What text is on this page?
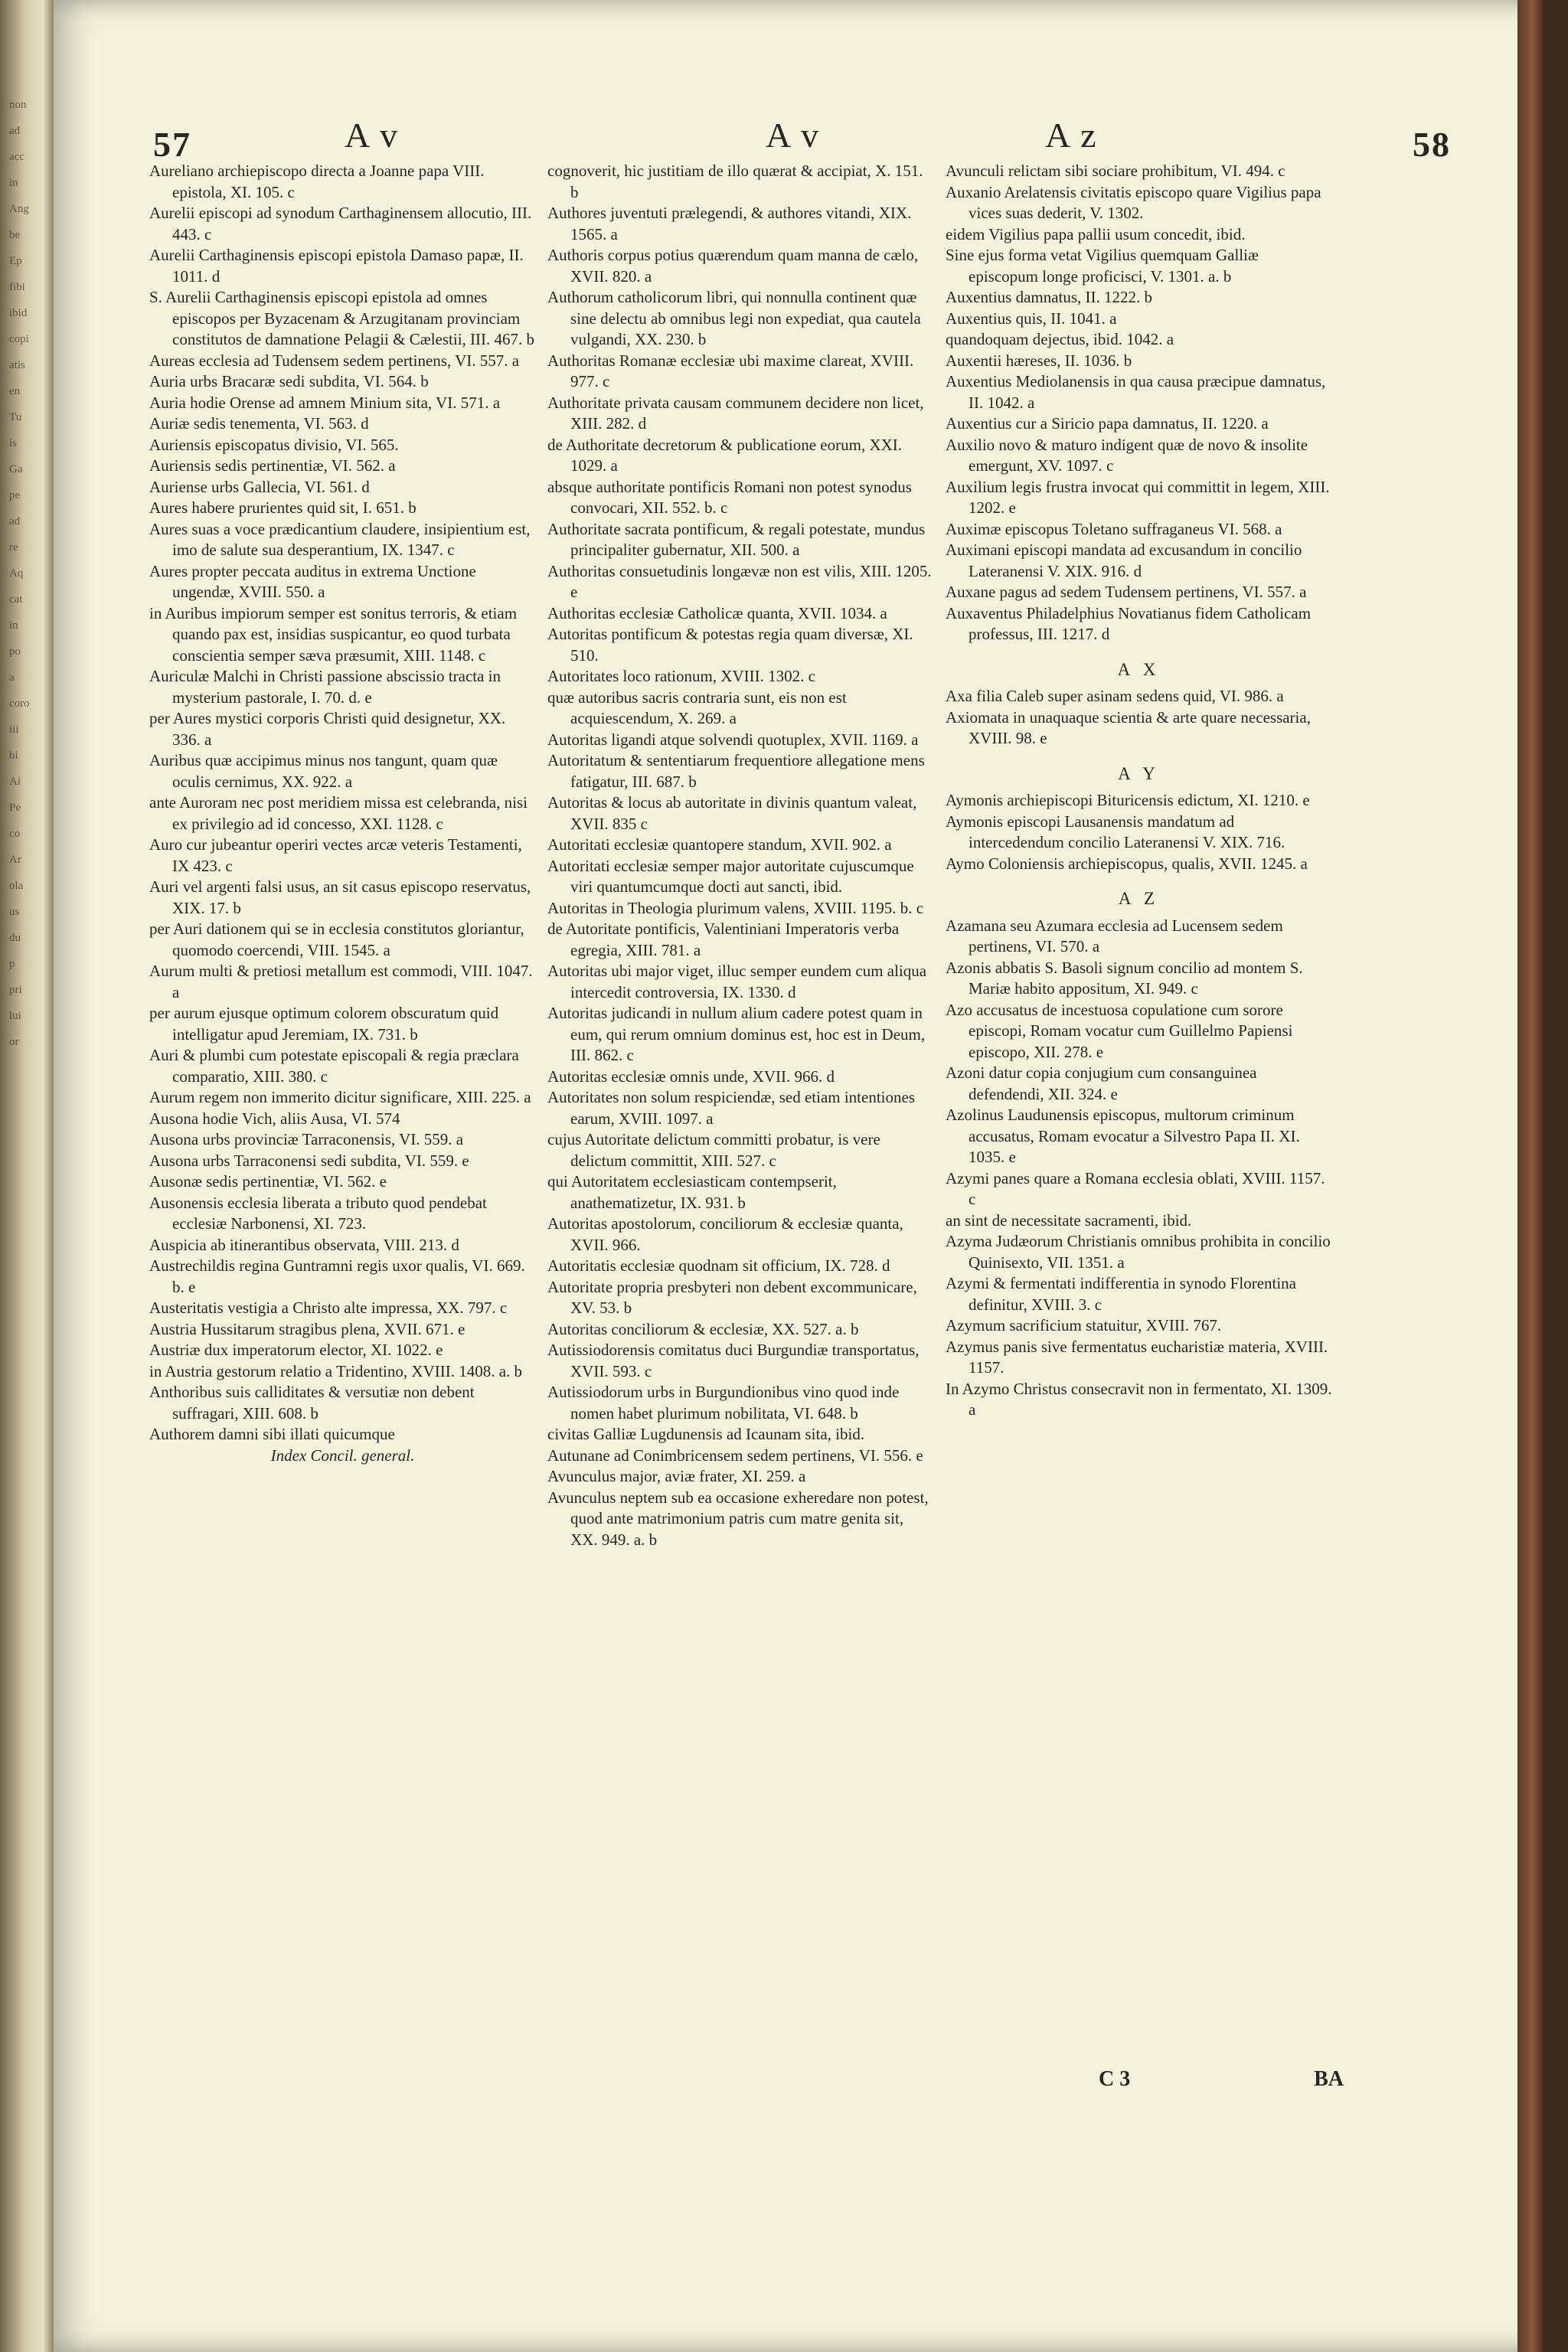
non
ad
acc
in
Ang
be
Ep
fibi
ibid
copi
atis
en
Tu
is
Ga
pe
ad
re
Aq
cat
in
po
a
coro
iii
bi
Ai
Pe
co
Ar
ola
us
du
p
pri
lui
or
57	A v	A v	A z	58

Aureliano archiepiscopo directa a Joanne papa VIII. epistola, XI. 105. c

Aurelii episcopi ad synodum Carthaginensem allocutio, III. 443. c

Aurelii Carthaginensis episcopi epistola Damaso papæ, II. 1011. d

S. Aurelii Carthaginensis episcopi epistola ad omnes episcopos per Byzacenam & Arzugitanam provinciam constitutos de damnatione Pelagii & Cælestii, III. 467. b

Aureas ecclesia ad Tudensem sedem pertinens, VI. 557. a

Auria urbs Bracaræ sedi subdita, VI. 564. b

Auria hodie Orense ad amnem Minium sita, VI. 571. a

Auriæ sedis tenementa, VI. 563. d

Auriensis episcopatus divisio, VI. 565.

Auriensis sedis pertinentiæ, VI. 562. a

Auriense urbs Gallecia, VI. 561. d

Aures habere prurientes quid sit, I. 651. b

Aures suas a voce prædicantium claudere, insipientium est, imo de salute sua desperantium, IX. 1347. c

Aures propter peccata auditus in extrema Unctione ungendæ, XVIII. 550. a

in Auribus impiorum semper est sonitus terroris, & etiam quando pax est, insidias suspicantur, eo quod turbata conscientia semper sæva præsumit, XIII. 1148. c

Auriculæ Malchi in Christi passione abscissio tracta in mysterium pastorale, I. 70. d. e

per Aures mystici corporis Christi quid designetur, XX. 336. a

Auribus quæ accipimus minus nos tangunt, quam quæ oculis cernimus, XX. 922. a

ante Auroram nec post meridiem missa est celebranda, nisi ex privilegio ad id concesso, XXI. 1128. c

Auro cur jubeantur operiri vectes arcæ veteris Testamenti, IX 423. c

Auri vel argenti falsi usus, an sit casus episcopo reservatus, XIX. 17. b

per Auri dationem qui se in ecclesia constitutos gloriantur, quomodo coercendi, VIII. 1545. a

Aurum multi & pretiosi metallum est commodi, VIII. 1047. a

per aurum ejusque optimum colorem obscuratum quid intelligatur apud Jeremiam, IX. 731. b

Auri & plumbi cum potestate episcopali & regia præclara comparatio, XIII. 380. c

Aurum regem non immerito dicitur significare, XIII. 225. a

Ausona hodie Vich, aliis Ausa, VI. 574

Ausona urbs provinciæ Tarraconensis, VI. 559. a

Ausona urbs Tarraconensi sedi subdita, VI. 559. e

Ausonæ sedis pertinentiæ, VI. 562. e

Ausonensis ecclesia liberata a tributo quod pendebat ecclesiæ Narbonensi, XI. 723.

Auspicia ab itinerantibus observata, VIII. 213. d

Austrechildis regina Guntramni regis uxor qualis, VI. 669. b. e

Austeritatis vestigia a Christo alte impressa, XX. 797. c

Austria Hussitarum stragibus plena, XVII. 671. e

Austriæ dux imperatorum elector, XI. 1022. e

in Austria gestorum relatio a Tridentino, XVIII. 1408. a. b

Anthoribus suis calliditates & versutiæ non debent suffragari, XIII. 608. b

Authorem damni sibi illati quicumque

Index Concil. general.

cognoverit, hic justitiam de illo quærat & accipiat, X. 151. b

Authores juventuti prælegendi, & authores vitandi, XIX. 1565. a

Authoris corpus potius quærendum quam manna de cælo, XVII. 820. a

Authorum catholicorum libri, qui nonnulla continent quæ sine delectu ab omnibus legi non expediat, qua cautela vulgandi, XX. 230. b

Authoritas Romanæ ecclesiæ ubi maxime clareat, XVIII. 977. c

Authoritate privata causam communem decidere non licet, XIII. 282. d

de Authoritate decretorum & publicatione eorum, XXI. 1029. a

absque authoritate pontificis Romani non potest synodus convocari, XII. 552. b. c

Authoritate sacrata pontificum, & regali potestate, mundus principaliter gubernatur, XII. 500. a

Authoritas consuetudinis longævæ non est vilis, XIII. 1205. e

Authoritas ecclesiæ Catholicæ quanta, XVII. 1034. a

Autoritas pontificum & potestas regia quam diversæ, XI. 510.

Autoritates loco rationum, XVIII. 1302. c

quæ autoribus sacris contraria sunt, eis non est acquiescendum, X. 269. a

Autoritas ligandi atque solvendi quotuplex, XVII. 1169. a

Autoritatum & sententiarum frequentiore allegatione mens fatigatur, III. 687. b

Autoritas & locus ab autoritate in divinis quantum valeat, XVII. 835 c

Autoritati ecclesiæ quantopere standum, XVII. 902. a

Autoritati ecclesiæ semper major autoritate cujuscumque viri quantumcumque docti aut sancti, ibid.

Autoritas in Theologia plurimum valens, XVIII. 1195. b. c

de Autoritate pontificis, Valentiniani Imperatoris verba egregia, XIII. 781. a

Autoritas ubi major viget, illuc semper eundem cum aliqua intercedit controversia, IX. 1330. d

Autoritas judicandi in nullum alium cadere potest quam in eum, qui rerum omnium dominus est, hoc est in Deum, III. 862. c

Autoritas ecclesiæ omnis unde, XVII. 966. d

Autoritates non solum respiciendæ, sed etiam intentiones earum, XVIII. 1097. a

cujus Autoritate delictum committi probatur, is vere delictum committit, XIII. 527. c

qui Autoritatem ecclesiasticam contempserit, anathematizetur, IX. 931. b

Autoritas apostolorum, conciliorum & ecclesiæ quanta, XVII. 966.

Autoritatis ecclesiæ quodnam sit officium, IX. 728. d

Autoritate propria presbyteri non debent excommunicare, XV. 53. b

Autoritas conciliorum & ecclesiæ, XX. 527. a. b

Autissiodorensis comitatus duci Burgundiæ transportatus, XVII. 593. c

Autissiodorum urbs in Burgundionibus vino quod inde nomen habet plurimum nobilitata, VI. 648. b

civitas Galliæ Lugdunensis ad Icaunam sita, ibid.

Autunane ad Conimbricensem sedem pertinens, VI. 556. e

Avunculus major, aviæ frater, XI. 259. a

Avunculus neptem sub ea occasione exheredare non potest, quod ante matrimonium patris cum matre genita sit, XX. 949. a. b

Avunculi relictam sibi sociare prohibitum, VI. 494. c

Auxanio Arelatensis civitatis episcopo quare Vigilius papa vices suas dederit, V. 1302.

eidem Vigilius papa pallii usum concedit, ibid.

Sine ejus forma vetat Vigilius quemquam Galliæ episcopum longe proficisci, V. 1301. a. b

Auxentius damnatus, II. 1222. b

Auxentius quis, II. 1041. a

quandoquam dejectus, ibid. 1042. a

Auxentii hæreses, II. 1036. b

Auxentius Mediolanensis in qua causa præcipue damnatus, II. 1042. a

Auxentius cur a Siricio papa damnatus, II. 1220. a

Auxilio novo & maturo indigent quæ de novo & insolite emergunt, XV. 1097. c

Auxilium legis frustra invocat qui committit in legem, XIII. 1202. e

Auximæ episcopus Toletano suffraganeus VI. 568. a

Auximani episcopi mandata ad excusandum in concilio Lateranensi V. XIX. 916. d

Auxane pagus ad sedem Tudensem pertinens, VI. 557. a

Auxaventus Philadelphius Novatianus fidem Catholicam professus, III. 1217. d

A X

Axa filia Caleb super asinam sedens quid, VI. 986. a

Axiomata in unaquaque scientia & arte quare necessaria, XVIII. 98. e

A Y

Aymonis archiepiscopi Bituricensis edictum, XI. 1210. e

Aymonis episcopi Lausanensis mandatum ad intercedendum concilio Lateranensi V. XIX. 716.

Aymo Coloniensis archiepiscopus, qualis, XVII. 1245. a

A Z

Azamana seu Azumara ecclesia ad Lucensem sedem pertinens, VI. 570. a

Azonis abbatis S. Basoli signum concilio ad montem S. Mariæ habito appositum, XI. 949. c

Azo accusatus de incestuosa copulatione cum sorore episcopi, Romam vocatur cum Guillelmo Papiensi episcopo, XII. 278. e

Azoni datur copia conjugium cum consanguinea defendendi, XII. 324. e

Azolinus Laudunensis episcopus, multorum criminum accusatus, Romam evocatur a Silvestro Papa II. XI. 1035. e

Azymi panes quare a Romana ecclesia oblati, XVIII. 1157. c

an sint de necessitate sacramenti, ibid.

Azyma Judæorum Christianis omnibus prohibita in concilio Quinisexto, VII. 1351. a

Azymi & fermentati indifferentia in synodo Florentina definitur, XVIII. 3. c

Azymum sacrificium statuitur, XVIII. 767.

Azymus panis sive fermentatus eucharistiæ materia, XVIII. 1157.

In Azymo Christus consecravit non in fermentato, XI. 1309. a

C 3	BA
